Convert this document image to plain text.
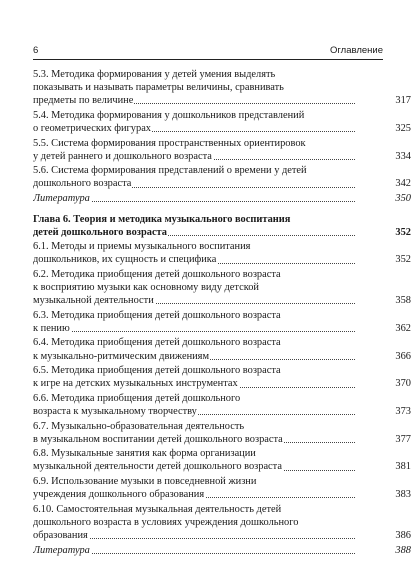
6	Оглавление
5.3. Методика формирования у детей умения выделять
показывать и называть параметры величины, сравнивать
предметы по величине	317
5.4. Методика формирования у дошкольников представлений
о геометрических фигурах	325
5.5. Система формирования пространственных ориентировок
у детей раннего и дошкольного возраста	334
5.6. Система формирования представлений о времени у детей
дошкольного возраста	342
Литература	350
Глава 6. Теория и методика музыкального воспитания
детей дошкольного возраста	352
6.1. Методы и приемы музыкального воспитания
дошкольников, их сущность и специфика	352
6.2. Методика приобщения детей дошкольного возраста
к восприятию музыки как основному виду детской
музыкальной деятельности	358
6.3. Методика приобщения детей дошкольного возраста
к пению	362
6.4. Методика приобщения детей дошкольного возраста
к музыкально-ритмическим движениям	366
6.5. Методика приобщения детей дошкольного возраста
к игре на детских музыкальных инструментах	370
6.6. Методика приобщения детей дошкольного
возраста к музыкальному творчеству	373
6.7. Музыкально-образовательная деятельность
в музыкальном воспитании детей дошкольного возраста	377
6.8. Музыкальные занятия как форма организации
музыкальной деятельности детей дошкольного возраста	381
6.9. Использование музыки в повседневной жизни
учреждения дошкольного образования	383
6.10. Самостоятельная музыкальная деятельность детей
дошкольного возраста в условиях учреждения дошкольного
образования	386
Литература	388
